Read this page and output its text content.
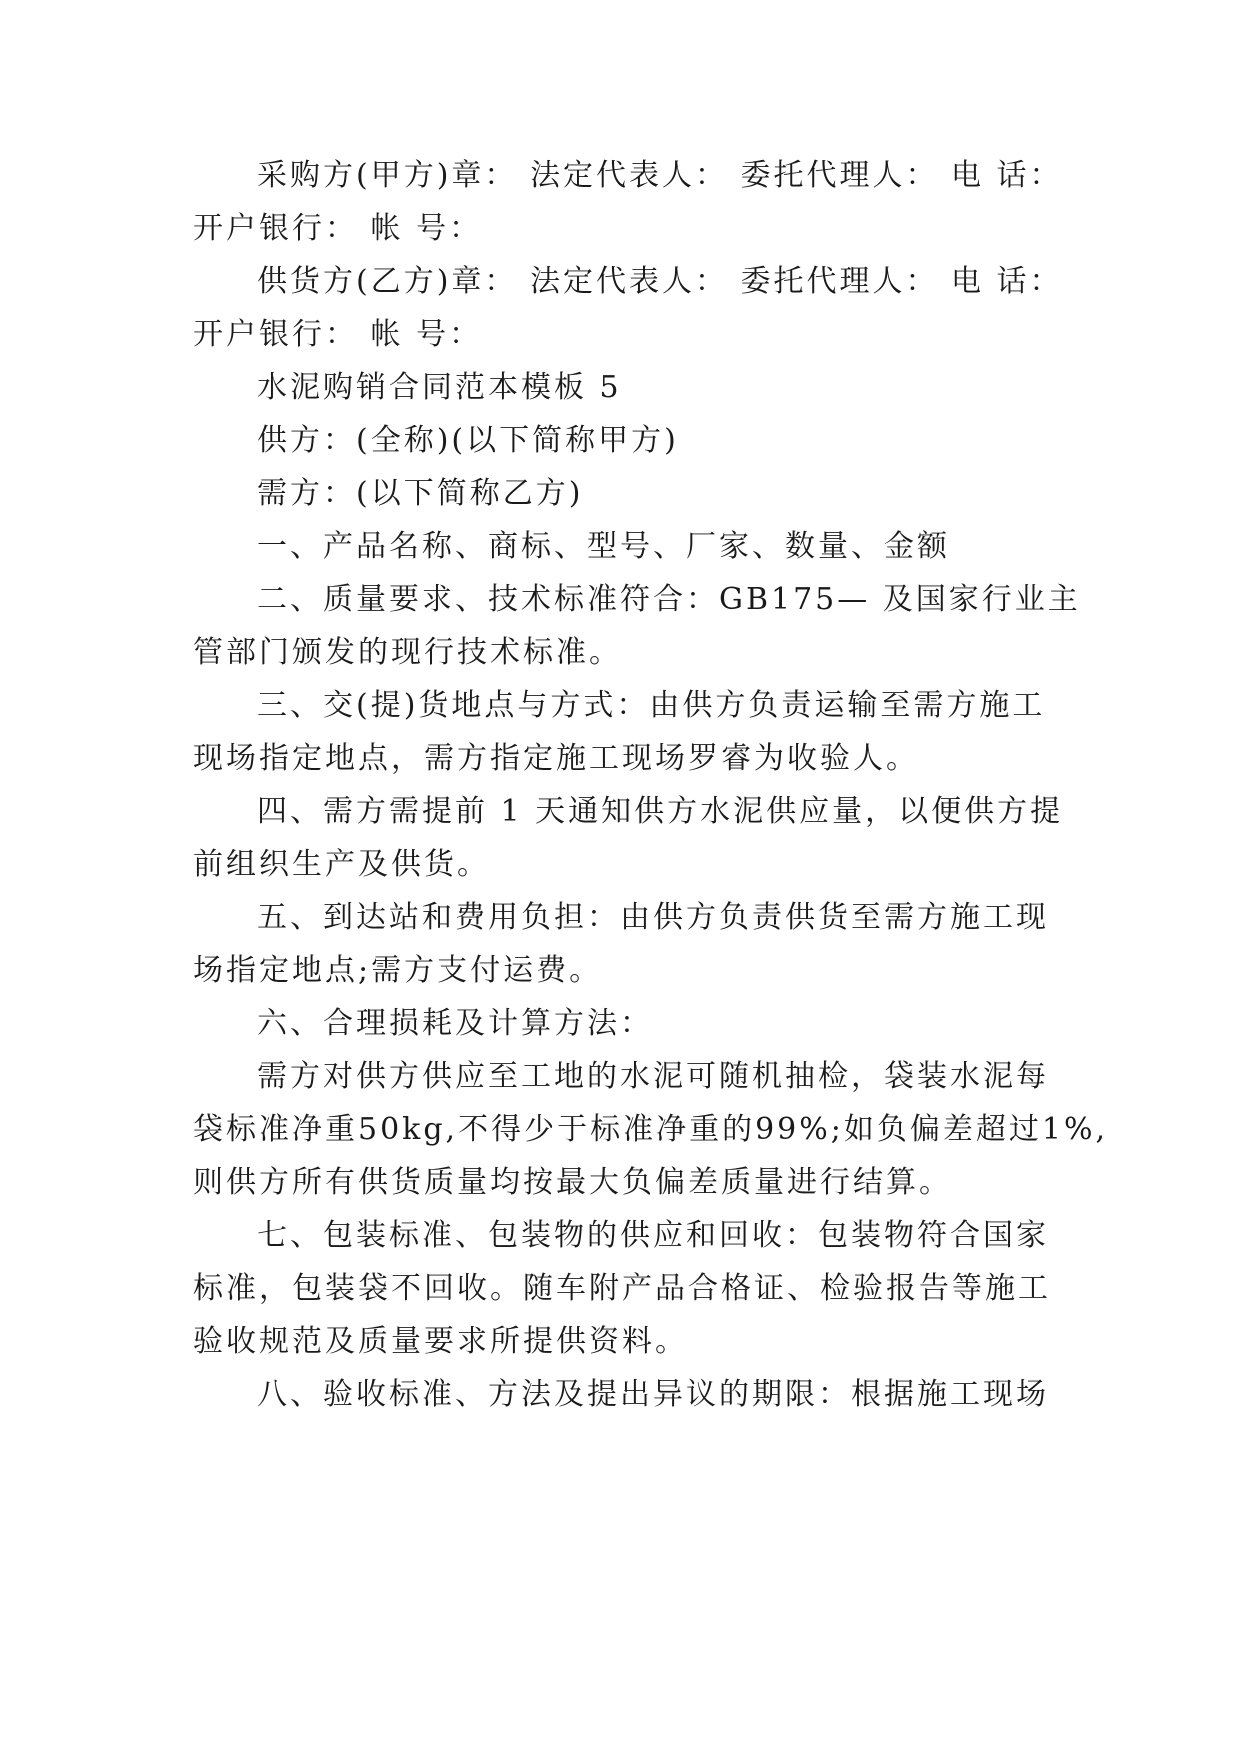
采购方(甲方)章： 法定代表人： 委托代理人： 电 话：
开户银行： 帐 号：
供货方(乙方)章： 法定代表人： 委托代理人： 电 话：
开户银行： 帐 号：
水泥购销合同范本模板 5
供方：(全称)(以下简称甲方)
需方：(以下简称乙方)
一、产品名称、商标、型号、厂家、数量、金额
二、质量要求、技术标准符合：GB175— 及国家行业主
管部门颁发的现行技术标准。
三、交(提)货地点与方式：由供方负责运输至需方施工
现场指定地点，需方指定施工现场罗睿为收验人。
四、需方需提前 1 天通知供方水泥供应量，以便供方提
前组织生产及供货。
五、到达站和费用负担：由供方负责供货至需方施工现
场指定地点;需方支付运费。
六、合理损耗及计算方法：
需方对供方供应至工地的水泥可随机抽检，袋装水泥每
袋标准净重50kg,不得少于标准净重的99%;如负偏差超过1%,
则供方所有供货质量均按最大负偏差质量进行结算。
七、包装标准、包装物的供应和回收：包装物符合国家
标准，包装袋不回收。随车附产品合格证、检验报告等施工
验收规范及质量要求所提供资料。
八、验收标准、方法及提出异议的期限：根据施工现场
